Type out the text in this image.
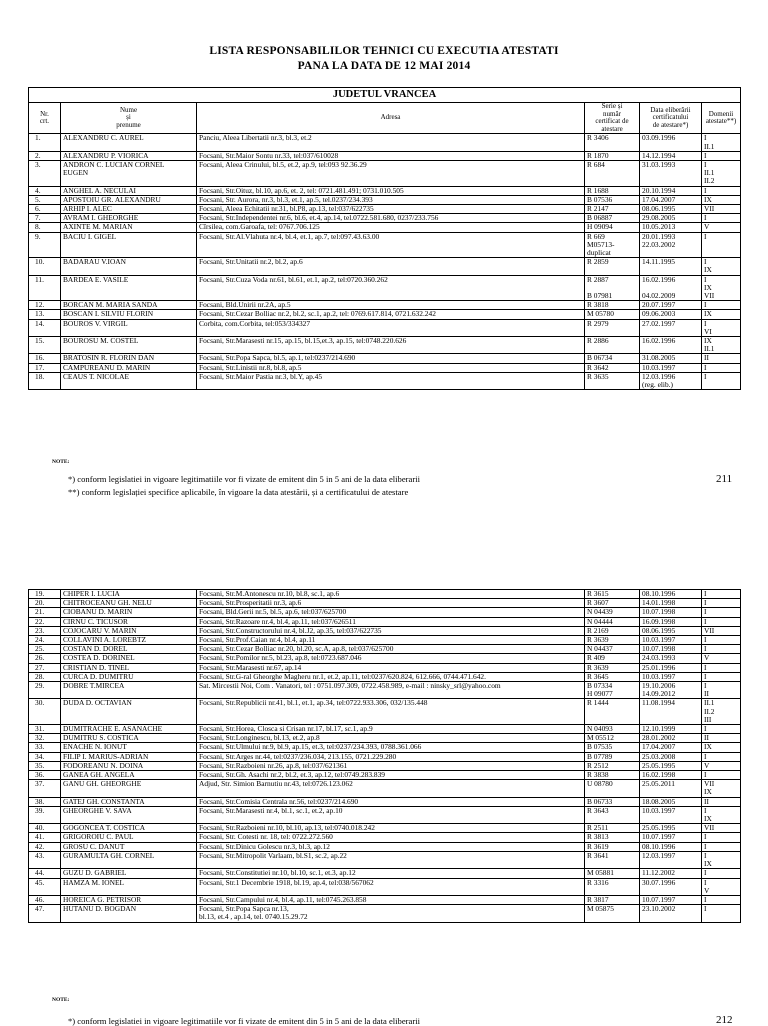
LISTA RESPONSABILILOR TEHNICI CU EXECUTIA ATESTATI
PANA LA DATA DE 12 MAI 2014
JUDETUL VRANCEA					
Nr.
crt.	Nume
și
prenume	Adresa	Serie și
număr
certificat de
atestare	Data eliberării
certificatului
de atestare*)	Domenii
atestate**)
1.	ALEXANDRU C. AUREL	Panciu, Aleea Libertatii nr.3, bl.3, et.2	R 3406	03.09.1996	I
II.1
2.	ALEXANDRU P. VIORICA	Focsani, Str.Maior Sontu nr.33, tel:037/610028	R 1870	14.12.1994	I
3.	ANDRON C. LUCIAN CORNEL
EUGEN	Focsani, Aleea Crinului, bl.5, et.2, ap.9, tel:093 92.36.29	R 684	31.03.1993	I
II.1
II.2
4.	ANGHEL A. NECULAI	Focsani, Str.Oituz, bl.10, ap.6, et. 2, tel: 0721.481.491; 0731.010.505	R 1688	20.10.1994	I
5.	APOSTOIU GR. ALEXANDRU	Focsani, Str. Aurora, nr.3, bl.3, et.1, ap.5, tel.0237/234.393	B 07536	17.04.2007	IX
6.	ARHIP I. ALEC	Focsani, Aleea Echitatii nr.31, bl.P8, ap.13, tel:037/622735	R 2147	08.06.1995	VII
7.	AVRAM I. GHEORGHE	Focsani, Str.Independentei nr.6, bl.6, et.4, ap.14, tel.0722.581.680, 0237/233.756	B 06887	29.08.2005	I
8.	AXINTE M. MARIAN	Cîrsilea, com.Garoafa, tel: 0767.706.125	H 09094	10.05.2013	V
9.	BACIU I. GIGEL	Focsani, Str.Al.Vlahuta nr.4, bl.4, et.1, ap.7, tel:097.43.63.00	R 669
M05713-
duplicat	20.01.1993
22.03.2002	I
10.	BADARAU V.IOAN	Focsani, Str.Unitatii nr.2, bl.2, ap.6	R 2859	14.11.1995	I
IX
11.	BARDEA E. VASILE	Focsani, Str.Cuza Voda nr.61, bl.61, et.1, ap.2, tel:0720.360.262	R 2887

B 07981	16.02.1996

04.02.2009	I
IX
VII
12.	BORCAN M. MARIA SANDA	Focsani, Bld.Unirii nr.2A, ap.5	R 3818	20.07.1997	I
13.	BOSCAN I. SILVIU FLORIN	Focsani, Str.Cezar Bolliac nr.2, bl.2, sc.1, ap.2, tel: 0769.617.814, 0721.632.242	M 05780	09.06.2003	IX
14.	BOUROS V. VIRGIL	Corbita, com.Corbita, tel:053/334327	R 2979	27.02.1997	I
VI
15.	BOUROSU M. COSTEL	Focsani, Str.Marasesti nr.15, ap.15, bl.15,et.3, ap.15, tel:0748.220.626	R 2886	16.02.1996	IX
II.1
16.	BRATOSIN R. FLORIN DAN	Focsani, Str.Popa Sapca, bl.5, ap.1, tel:0237/214.690	B 06734	31.08.2005	II
17.	CAMPUREANU D. MARIN	Focsani, Str.Linistii nr.8, bl.8, ap.5	R 3642	10.03.1997	I
18.	CEAUS T. NICOLAE	Focsani, Str.Maior Pastia nr.3, bl.Y, ap.45	R 3635	12.03.1996
(reg. elib.)	I
NOTE:
*) conform legislatiei in vigoare legitimatiile vor fi vizate de emitent din 5 in 5 ani de la data eliberarii
**) conform legislației specifice aplicabile, în vigoare la data atestării, și a certificatului de atestare
211
19.	CHIPER I. LUCIA	Focsani, Str.M.Antonescu nr.10, bl.8, sc.1, ap.6	R 3615	08.10.1996	I
20.	CHITROCEANU GH. NELU	Focsani, Str.Prosperitatii nr.3, ap.6	R 3607	14.01.1998	I
21.	CIOBANU D. MARIN	Focsani, Bld.Gerii nr.5, bl.5, ap.6, tel:037/625700	N 04439	10.07.1998	I
22.	CIRNU C. TICUSOR	Focsani, Str.Razoare nr.4, bl.4, ap.11, tel:037/626511	N 04444	16.09.1998	I
23.	COJOCARU V. MARIN	Focsani, Str.Constructorului nr.4, bl.J2, ap.35, tel:037/622735	R 2169	08.06.1995	VII
24.	COLLAVINI A. LOREBTZ	Focsani, Str.Prof.Caian nr.4, bl.4, ap.11	R 3639	10.03.1997	I
25.	COSTAN D. DOREL	Focsani, Str.Cezar Bolliac nr.20, bl.20, sc.A, ap.8, tel:037/625700	N 04437	10.07.1998	I
26.	COSTEA D. DORINEL	Focsani, Str.Pomilor nr.5, bl.23, ap.8, tel:0723.687.046	R 409	24.03.1993	V
27.	CRISTIAN D. TINEL	Focsani, Str.Marasesti nr.67, ap.14	R 3639	25.01.1996	I
28.	CURCA D. DUMITRU	Focsani, Str.G-ral Gheorghe Magheru nr.1, et.2, ap.11, tel:0237/620.824, 612.666, 0744.471.642.	R 3645	10.03.1997	I
29.	DOBRE T.MIRCEA	Sat. Mircestii Noi, Com . Vanatori, tel : 0751.097.309, 0722.458.989, e-mail : ninsky_srl@yahoo.com	B 07334
H 09077	19.10.2006
14.09.2012	I
II
30.	DUDA D. OCTAVIAN	Focsani, Str.Republicii nr.41, bl.1, et.1, ap.34, tel:0722.933.306, 032/135.448	R 1444	11.08.1994	II.1
II.2
III
31.	DUMITRACHE E. ASANACHE	Focsani, Str.Horea, Closca si Crisan nr.17, bl.17, sc.1, ap.9	N 04093	12.10.1999	I
32.	DUMITRU S. COSTICA	Focsani, Str.Longinescu, bl.13, et.2, ap.8	M 05512	28.01.2002	II
33.	ENACHE N. IONUT	Focsani, Str.Ulmului nr.9, bl.9, ap.15, et.3, tel:0237/234.393, 0788.361.066	B 07535	17.04.2007	IX
34.	FILIP I. MARIUS-ADRIAN	Focsani, Str.Arges nr.44, tel:0237/236.034, 213.155, 0721.229.280	B 07789	25.03.2008	I
35.	FODOREANU N. DOINA	Focsani, Str.Razboieni nr.26, ap.8, tel:037/621361	R 2512	25.05.1995	V
36.	GANEA GH. ANGELA	Focsani, Str.Gh. Asachi nr.2, bl.2, et.3, ap.12, tel:0749.283.839	R 3838	16.02.1998	I
37.	GANU GH. GHEORGHE	Adjud, Str. Simion Barnutiu nr.43, tel:0726.123.062	U 08780	25.05.2011	VII
IX
38.	GATEJ GH. CONSTANTA	Focsani, Str.Comisia Centrala nr.56, tel:0237/214.690	B 06733	18.08.2005	II
39.	GHEORGHE V. SAVA	Focsani, Str.Marasesti nr.4, bl.1, sc.1, et.2, ap.10	R 3643	10.03.1997	I
IX
40.	GOGONCEA T. COSTICA	Focsani, Str.Razboieni nr.10, bl.10, ap.13, tel:0740.018.242	R 2511	25.05.1995	VII
41.	GRIGOROIU C. PAUL	Focsani, Str. Cotesti nr. 18, tel: 0722.272.560	R 3813	10.07.1997	I
42.	GROSU C. DANUT	Focsani, Str.Dinicu Golescu nr.3, bl.3, ap.12	R 3619	08.10.1996	I
43.	GURAMULTA GH. CORNEL	Focsani, Str.Mitropolit Varlaam, bl.S1, sc.2, ap.22	R 3641	12.03.1997	I
IX
44.	GUZU D. GABRIEL	Focsani, Str.Constitutiei nr.10, bl.10, sc.1, et.3, ap.12	M 05881	11.12.2002	I
45.	HAMZA M. IONEL	Focsani, Str.1 Decembrie 1918, bl.19, ap.4, tel:038/567062	R 3316	30.07.1996	I
V
46.	HOREICA G. PETRISOR	Focsani, Str.Campului nr.4, bl.4, ap.11, tel:0745.263.858	R 3817	10.07.1997	I
47.	HUTANU D. BOGDAN	Focsani, Str.Popa Sapca nr.13,
bl.13, et.4 , ap.14, tel. 0740.15.29.72	M 05875	23.10.2002	I
NOTE:
*) conform legislatiei in vigoare legitimatiile vor fi vizate de emitent din 5 in 5 ani de la data eliberarii	212
